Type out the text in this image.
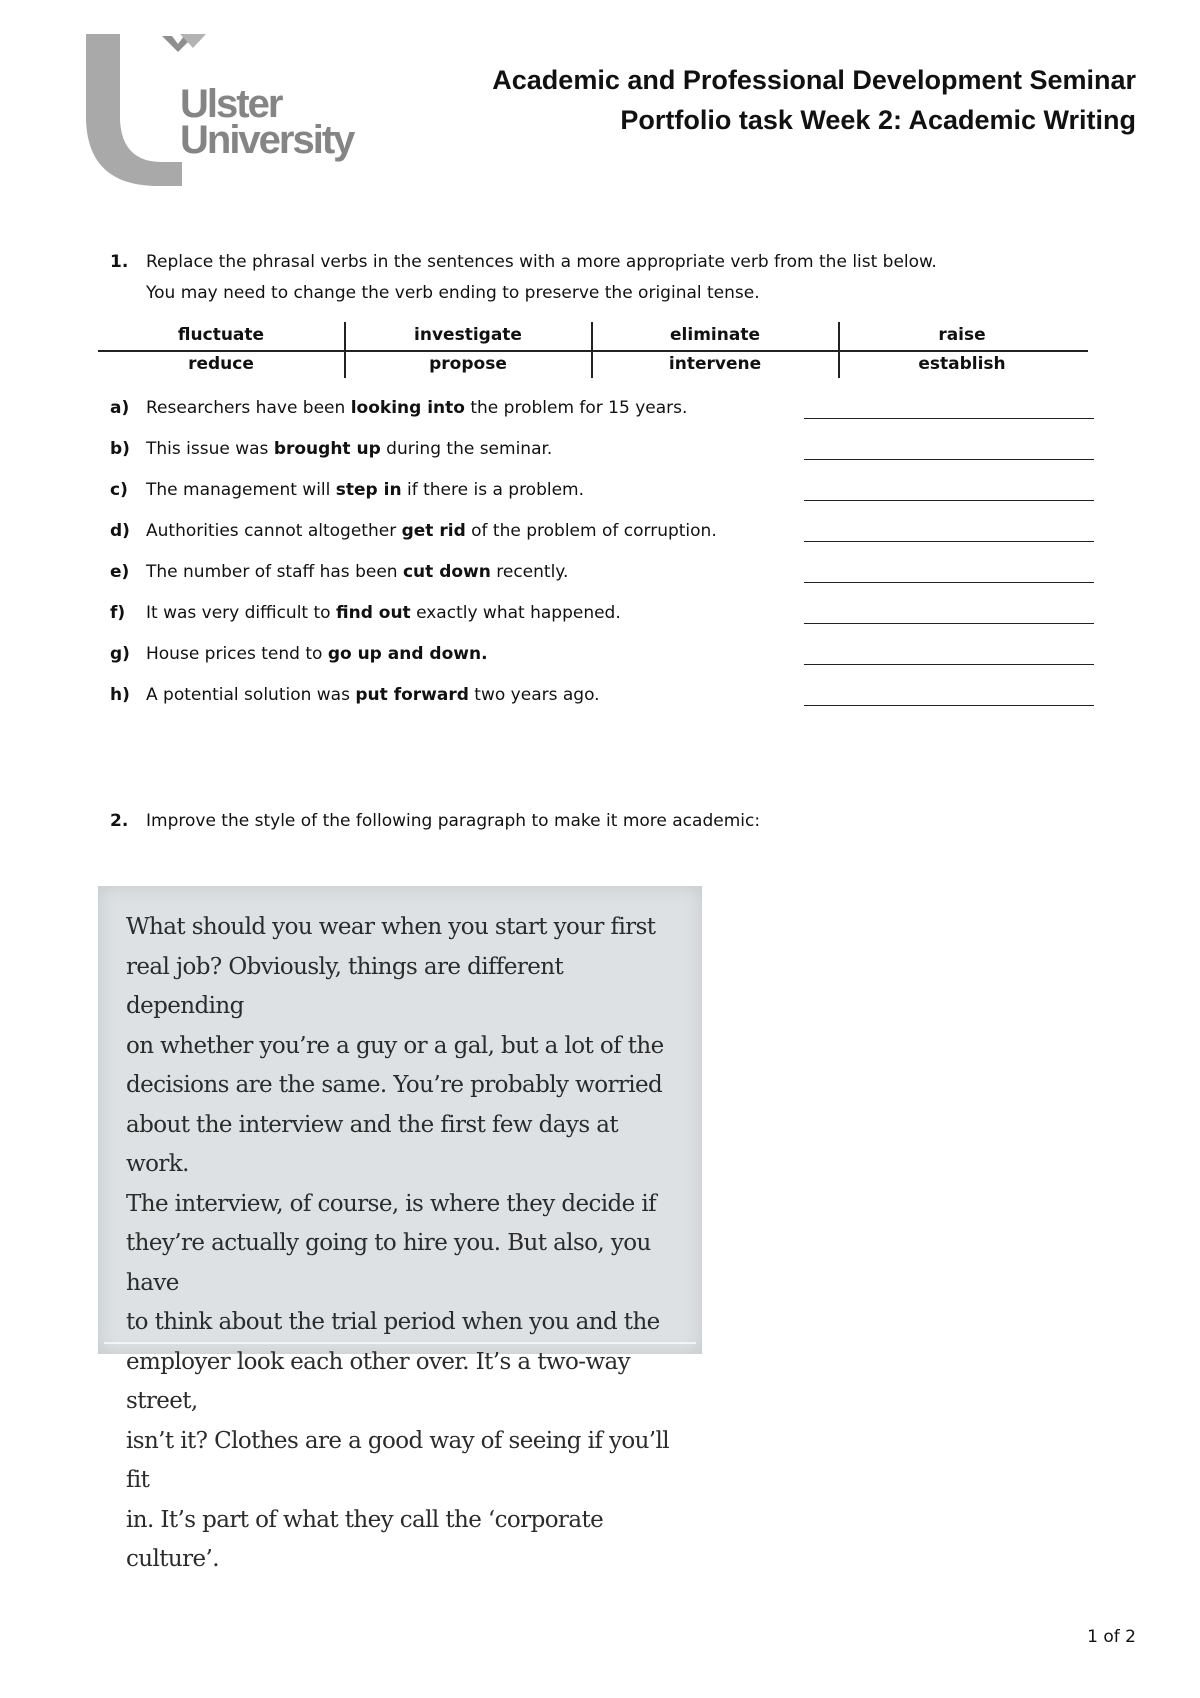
Ulster
University
Academic and Professional Development Seminar
Portfolio task Week 2: Academic Writing
1. Replace the phrasal verbs in the sentences with a more appropriate verb from the list below.
You may need to change the verb ending to preserve the original tense.
fluctuate	investigate	eliminate	raise
reduce	propose	intervene	establish
a) Researchers have been looking into the problem for 15 years.
b) This issue was brought up during the seminar.
c) The management will step in if there is a problem.
d) Authorities cannot altogether get rid of the problem of corruption.
e) The number of staff has been cut down recently.
f) It was very difficult to find out exactly what happened.
g) House prices tend to go up and down.
h) A potential solution was put forward two years ago.
2. Improve the style of the following paragraph to make it more academic:
What should you wear when you start your first
real job? Obviously, things are different depending
on whether you’re a guy or a gal, but a lot of the
decisions are the same. You’re probably worried
about the interview and the first few days at work.
The interview, of course, is where they decide if
they’re actually going to hire you. But also, you have
to think about the trial period when you and the
employer look each other over. It’s a two-way street,
isn’t it? Clothes are a good way of seeing if you’ll fit
in. It’s part of what they call the ‘corporate culture’.
1 of 2
